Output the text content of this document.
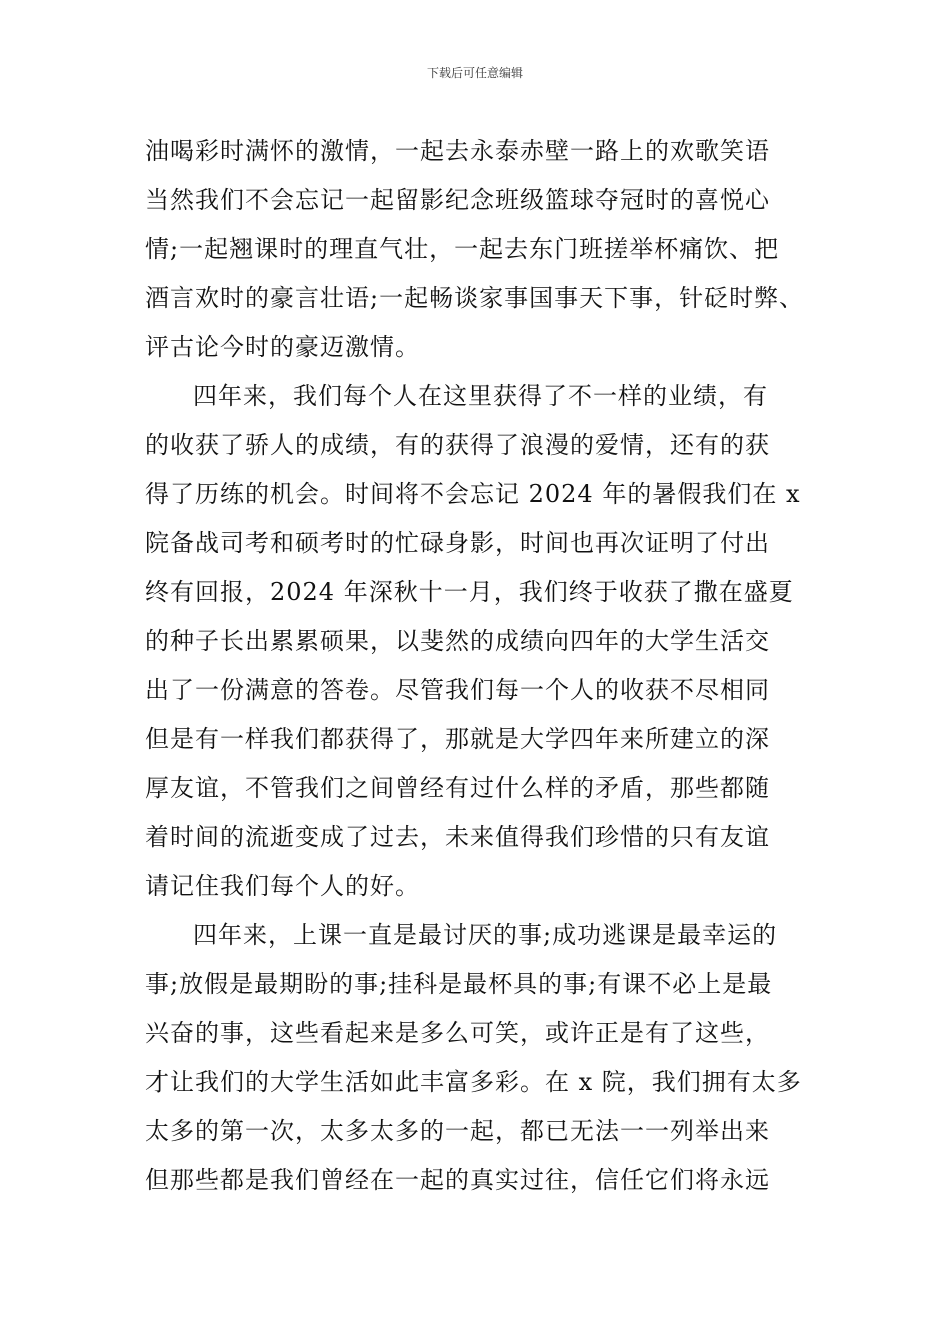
下载后可任意编辑
油喝彩时满怀的激情，一起去永泰赤壁一路上的欢歌笑语
当然我们不会忘记一起留影纪念班级篮球夺冠时的喜悦心
情;一起翘课时的理直气壮，一起去东门班搓举杯痛饮、把
酒言欢时的豪言壮语;一起畅谈家事国事天下事，针砭时弊、
评古论今时的豪迈激情。
四年来，我们每个人在这里获得了不一样的业绩，有
的收获了骄人的成绩，有的获得了浪漫的爱情，还有的获
得了历练的机会。时间将不会忘记 2024 年的暑假我们在 x
院备战司考和硕考时的忙碌身影，时间也再次证明了付出
终有回报，2024 年深秋十一月，我们终于收获了撒在盛夏
的种子长出累累硕果，以斐然的成绩向四年的大学生活交
出了一份满意的答卷。尽管我们每一个人的收获不尽相同
但是有一样我们都获得了，那就是大学四年来所建立的深
厚友谊，不管我们之间曾经有过什么样的矛盾，那些都随
着时间的流逝变成了过去，未来值得我们珍惜的只有友谊
请记住我们每个人的好。
四年来，上课一直是最讨厌的事;成功逃课是最幸运的
事;放假是最期盼的事;挂科是最杯具的事;有课不必上是最
兴奋的事，这些看起来是多么可笑，或许正是有了这些，
才让我们的大学生活如此丰富多彩。在 x 院，我们拥有太多
太多的第一次，太多太多的一起，都已无法一一列举出来
但那些都是我们曾经在一起的真实过往，信任它们将永远
